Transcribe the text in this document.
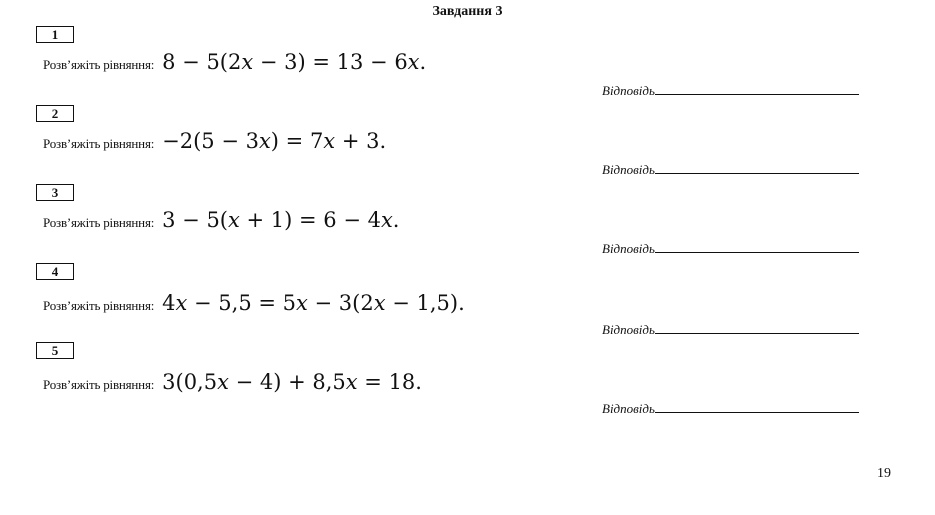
Завдання 3
1
Розв’яжіть рівняння: 8 − 5(2𝑥 − 3) = 13 − 6𝑥.
Відповідь
2
Розв’яжіть рівняння: −2(5 − 3𝑥) = 7𝑥 + 3.
Відповідь
3
Розв’яжіть рівняння: 3 − 5(𝑥 + 1) = 6 − 4𝑥.
Відповідь
4
Розв’яжіть рівняння: 4𝑥 − 5,5 = 5𝑥 − 3(2𝑥 − 1,5).
Відповідь
5
Розв’яжіть рівняння: 3(0,5𝑥 − 4) + 8,5𝑥 = 18.
Відповідь
19
